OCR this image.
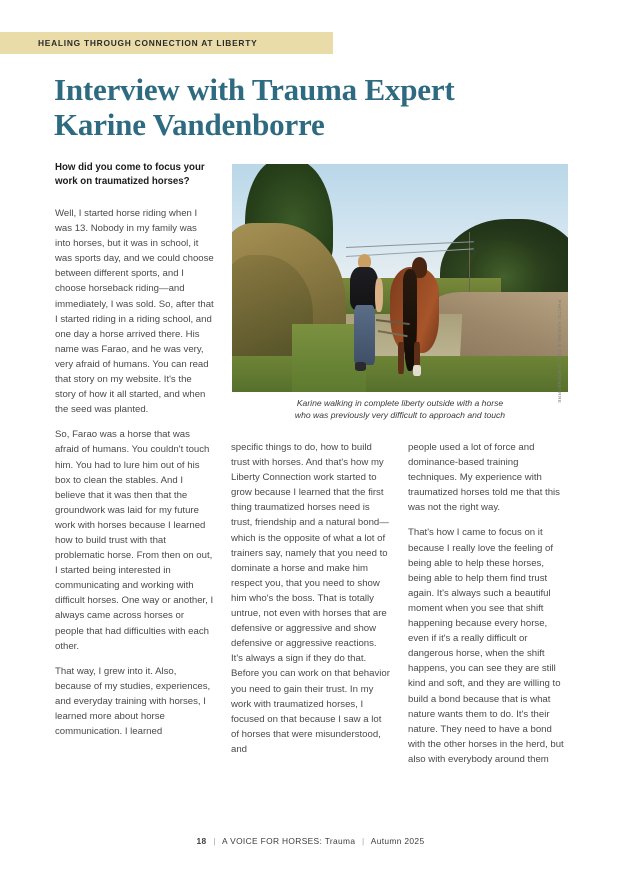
HEALING THROUGH CONNECTION AT LIBERTY
Interview with Trauma Expert
Karine Vandenborre
How did you come to focus your work on traumatized horses?
PHOTO: KARINE & TOM VANDENBORRE
Karine walking in complete liberty outside with a horse
who was previously very difficult to approach and touch

Well, I started horse riding when I was 13. Nobody in my family was into horses, but it was in school, it was sports day, and we could choose between different sports, and I choose horseback riding—and immediately, I was sold. So, after that I started riding in a riding school, and one day a horse arrived there. His name was Farao, and he was very, very afraid of humans. You can read that story on my website. It's the story of how it all started, and when the seed was planted.

So, Farao was a horse that was afraid of humans. You couldn't touch him. You had to lure him out of his box to clean the stables. And I believe that it was then that the groundwork was laid for my future work with horses because I learned how to build trust with that problematic horse. From then on out, I started being interested in communicating and working with difficult horses. One way or another, I always came across horses or people that had difficulties with each other.

That way, I grew into it. Also, because of my studies, experiences, and everyday training with horses, I learned more about horse communication. I learned

specific things to do, how to build trust with horses. And that's how my Liberty Connection work started to grow because I learned that the first thing traumatized horses need is trust, friendship and a natural bond—which is the opposite of what a lot of trainers say, namely that you need to dominate a horse and make him respect you, that you need to show him who's the boss. That is totally untrue, not even with horses that are defensive or aggressive and show defensive or aggressive reactions. It's always a sign if they do that. Before you can work on that behavior you need to gain their trust. In my work with traumatized horses, I focused on that because I saw a lot of horses that were misunderstood, and

people used a lot of force and dominance-based training techniques. My experience with traumatized horses told me that this was not the right way.

That's how I came to focus on it because I really love the feeling of being able to help these horses, being able to help them find trust again. It's always such a beautiful moment when you see that shift happening because every horse, even if it's a really difficult or dangerous horse, when the shift happens, you can see they are still kind and soft, and they are willing to build a bond because that is what nature wants them to do. It's their nature. They need to have a bond with the other horses in the herd, but also with everybody around them

18 | A VOICE FOR HORSES: Trauma | Autumn 2025
